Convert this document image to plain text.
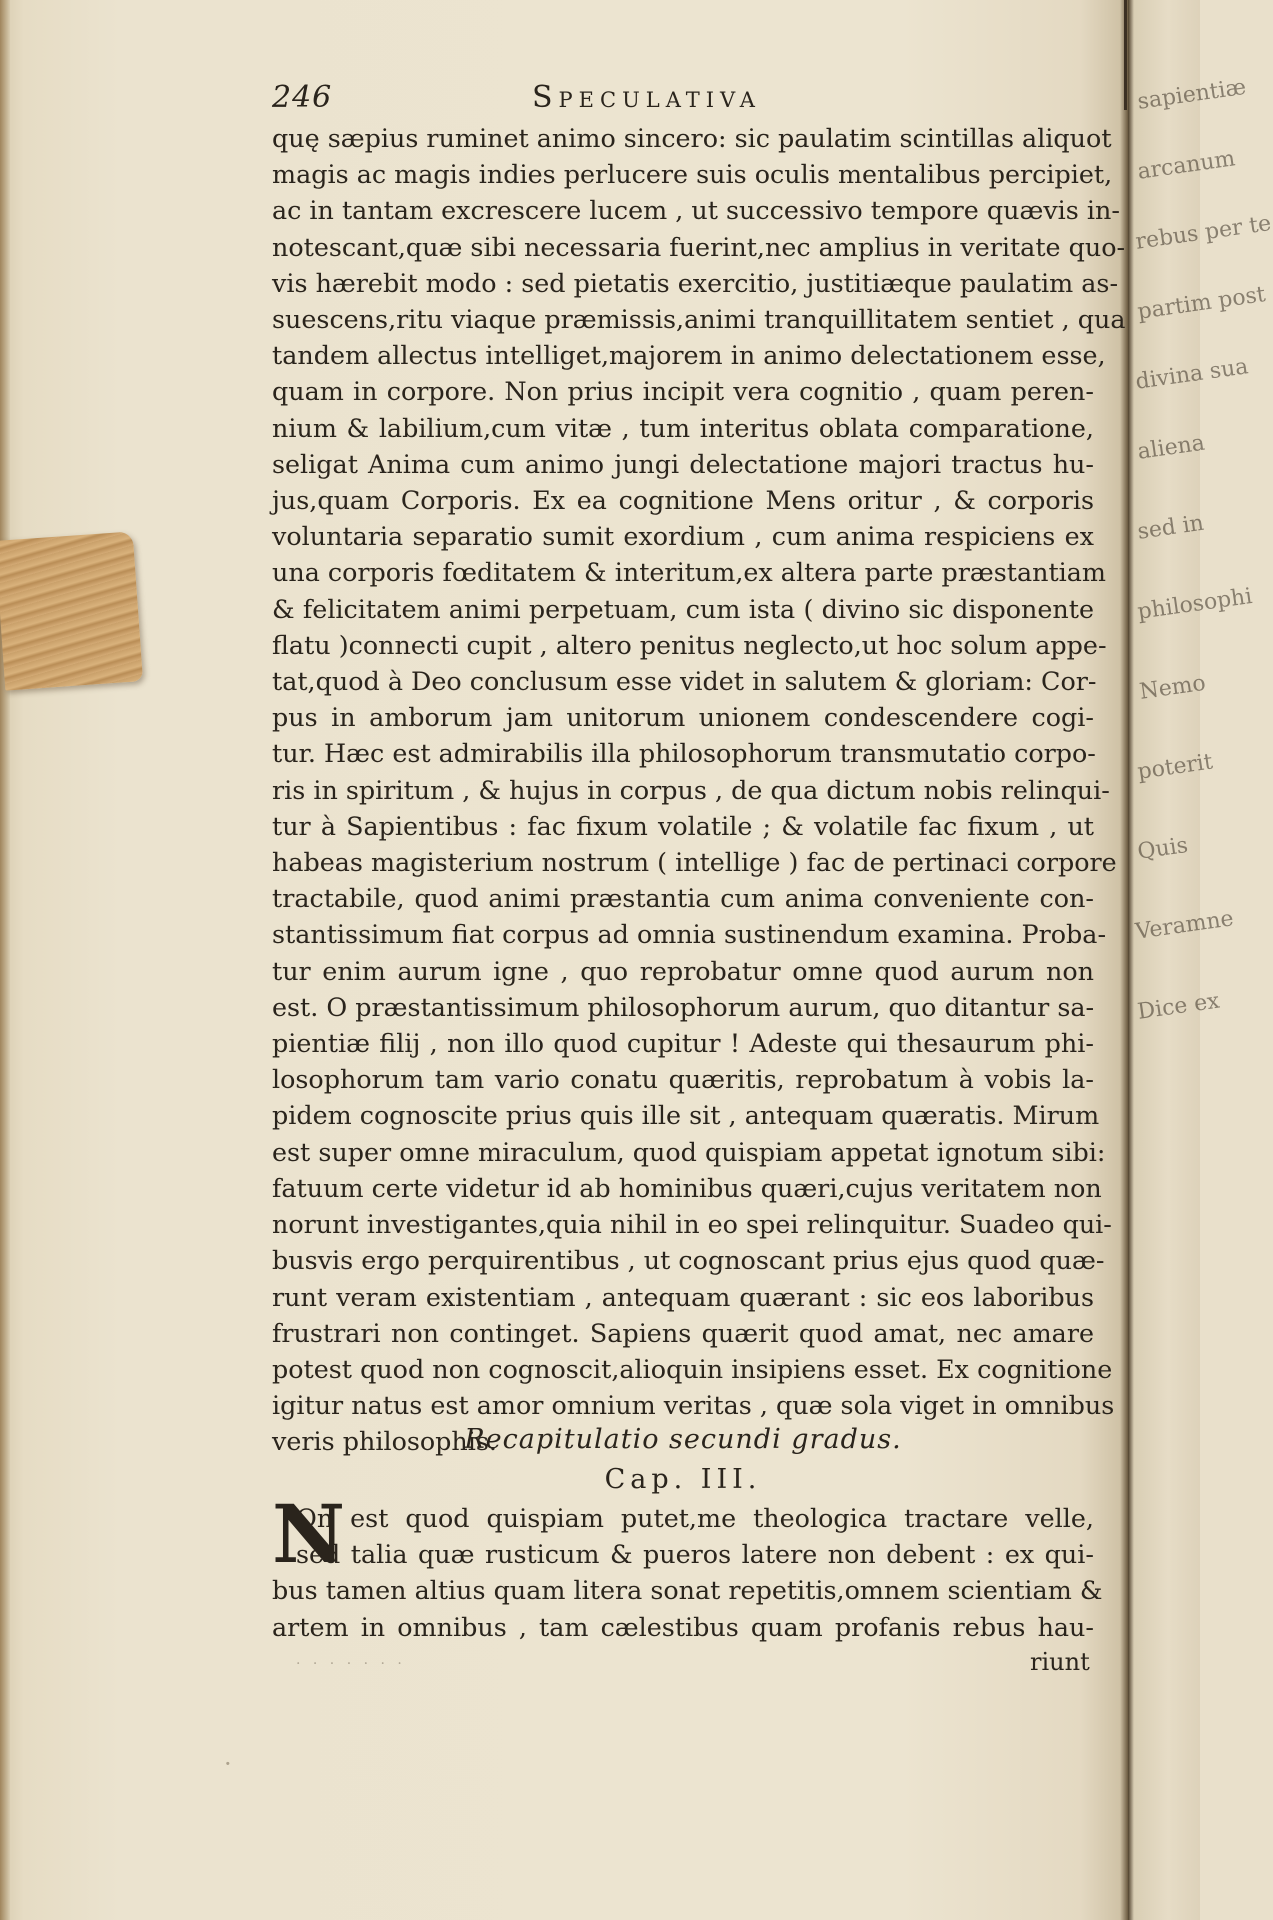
sapientiæ
arcanum
rebus per te
partim post
divina sua
aliena
sed in
philosophi
Nemo
poterit
Quis
Veramne
Dice ex
246	Speculativa
quę sæpius ruminet animo sincero: sic paulatim scintillas aliquot
magis ac magis indies perlucere suis oculis mentalibus percipiet,
ac in tantam excrescere lucem , ut successivo tempore quævis in-
notescant,quæ sibi necessaria fuerint,nec amplius in veritate quo-
vis hærebit modo : sed pietatis exercitio, justitiæque paulatim as-
suescens,ritu viaque præmissis,animi tranquillitatem sentiet , qua
tandem allectus intelliget,majorem in animo delectationem esse,
quam in corpore. Non prius incipit vera cognitio , quam peren-
nium & labilium,cum vitæ , tum interitus oblata comparatione,
seligat Anima cum animo jungi delectatione majori tractus hu-
jus,quam Corporis. Ex ea cognitione Mens oritur , & corporis
voluntaria separatio sumit exordium , cum anima respiciens ex
una corporis fœditatem & interitum,ex altera parte præstantiam
& felicitatem animi perpetuam, cum ista ( divino sic disponente
flatu )connecti cupit , altero penitus neglecto,ut hoc solum appe-
tat,quod à Deo conclusum esse videt in salutem & gloriam: Cor-
pus in amborum jam unitorum unionem condescendere cogi-
tur. Hæc est admirabilis illa philosophorum transmutatio corpo-
ris in spiritum , & hujus in corpus , de qua dictum nobis relinqui-
tur à Sapientibus : fac fixum volatile ; & volatile fac fixum , ut
habeas magisterium nostrum ( intellige ) fac de pertinaci corpore
tractabile, quod animi præstantia cum anima conveniente con-
stantissimum fiat corpus ad omnia sustinendum examina. Proba-
tur enim aurum igne , quo reprobatur omne quod aurum non
est. O præstantissimum philosophorum aurum, quo ditantur sa-
pientiæ filij , non illo quod cupitur ! Adeste qui thesaurum phi-
losophorum tam vario conatu quæritis, reprobatum à vobis la-
pidem cognoscite prius quis ille sit , antequam quæratis. Mirum
est super omne miraculum, quod quispiam appetat ignotum sibi:
fatuum certe videtur id ab hominibus quæri,cujus veritatem non
norunt investigantes,quia nihil in eo spei relinquitur. Suadeo qui-
busvis ergo perquirentibus , ut cognoscant prius ejus quod quæ-
runt veram existentiam , antequam quærant : sic eos laboribus
frustrari non continget. Sapiens quærit quod amat, nec amare
potest quod non cognoscit,alioquin insipiens esset. Ex cognitione
igitur natus est amor omnium veritas , quæ sola viget in omnibus
veris philosophis.
Recapitulatio secundi gradus.
Cap. III.
N
On est quod quispiam putet,me theologica tractare velle,
sed talia quæ rusticum & pueros latere non debent : ex qui-
bus tamen altius quam litera sonat repetitis,omnem scientiam &
artem in omnibus , tam cælestibus quam profanis rebus hau-
· · · · · · ·	riunt
·
